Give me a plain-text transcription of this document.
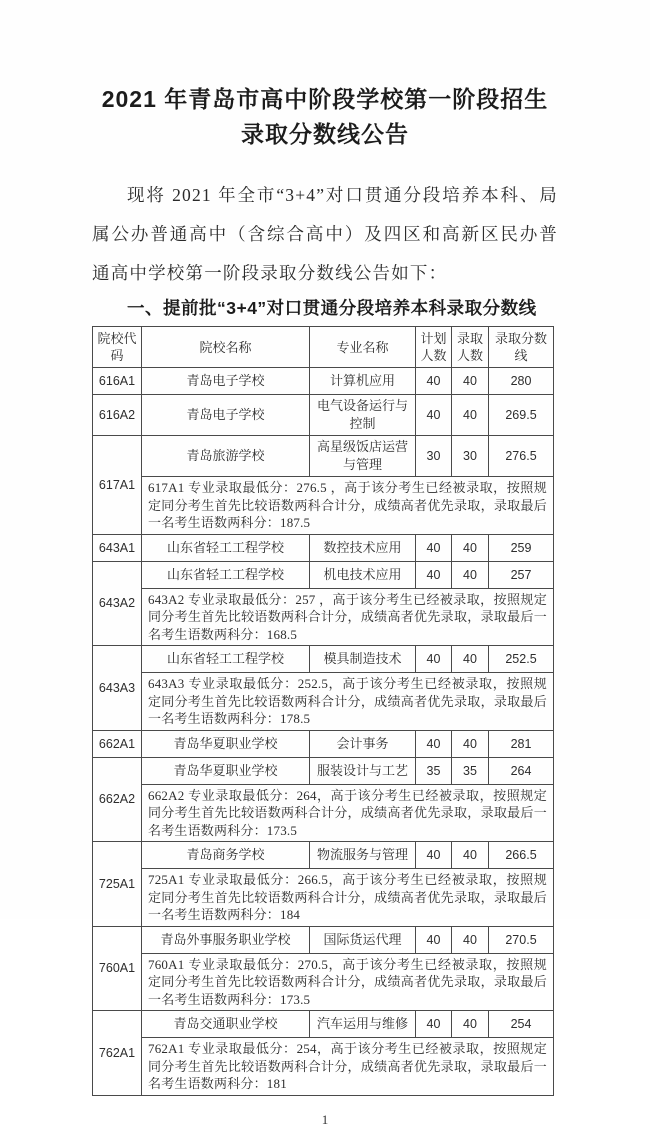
2021 年青岛市高中阶段学校第一阶段招生
录取分数线公告

现将 2021 年全市“3+4”对口贯通分段培养本科、局属公办普通高中（含综合高中）及四区和高新区民办普通高中学校第一阶段录取分数线公告如下：

一、提前批“3+4”对口贯通分段培养本科录取分数线
院校代码	院校名称	专业名称	计划人数	录取人数	录取分数线
616A1	青岛电子学校	计算机应用	40	40	280
616A2	青岛电子学校	电气设备运行与控制	40	40	269.5
617A1	青岛旅游学校	高星级饭店运营与管理	30	30	276.5
	617A1 专业录取最低分：276.5 ，高于该分考生已经被录取，按照规定同分考生首先比较语数两科合计分，成绩高者优先录取，录取最后一名考生语数两科分：187.5				
643A1	山东省轻工工程学校	数控技术应用	40	40	259
643A2	山东省轻工工程学校	机电技术应用	40	40	257
	643A2 专业录取最低分：257 ，高于该分考生已经被录取，按照规定同分考生首先比较语数两科合计分，成绩高者优先录取，录取最后一名考生语数两科分：168.5				
643A3	山东省轻工工程学校	模具制造技术	40	40	252.5
	643A3 专业录取最低分：252.5，高于该分考生已经被录取，按照规定同分考生首先比较语数两科合计分，成绩高者优先录取，录取最后一名考生语数两科分：178.5				
662A1	青岛华夏职业学校	会计事务	40	40	281
662A2	青岛华夏职业学校	服装设计与工艺	35	35	264
	662A2 专业录取最低分：264，高于该分考生已经被录取，按照规定同分考生首先比较语数两科合计分，成绩高者优先录取，录取最后一名考生语数两科分：173.5				
725A1	青岛商务学校	物流服务与管理	40	40	266.5
	725A1 专业录取最低分：266.5，高于该分考生已经被录取，按照规定同分考生首先比较语数两科合计分，成绩高者优先录取，录取最后一名考生语数两科分：184				
760A1	青岛外事服务职业学校	国际货运代理	40	40	270.5
	760A1 专业录取最低分：270.5，高于该分考生已经被录取，按照规定同分考生首先比较语数两科合计分，成绩高者优先录取，录取最后一名考生语数两科分：173.5				
762A1	青岛交通职业学校	汽车运用与维修	40	40	254
	762A1 专业录取最低分：254，高于该分考生已经被录取，按照规定同分考生首先比较语数两科合计分，成绩高者优先录取，录取最后一名考生语数两科分：181				
1
